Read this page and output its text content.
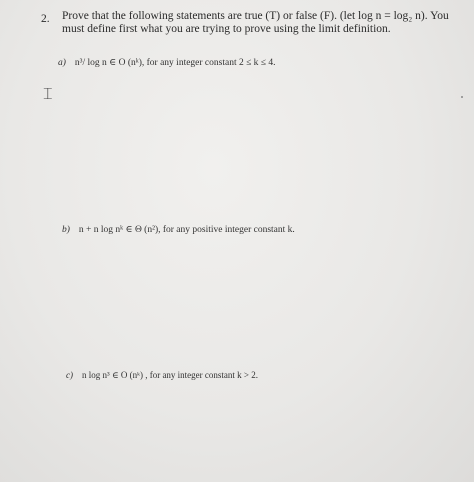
2. Prove that the following statements are true (T) or false (F). (let log n = log₂ n). You must define first what you are trying to prove using the limit definition.
a) n³/ log n ∈ O (nᵏ), for any integer constant 2 ≤ k ≤ 4.
⌶
b) n + n log nᵏ ∈ Θ (n²), for any positive integer constant k.
c) n log n³ ∈ O (nᵏ) , for any integer constant k > 2.
